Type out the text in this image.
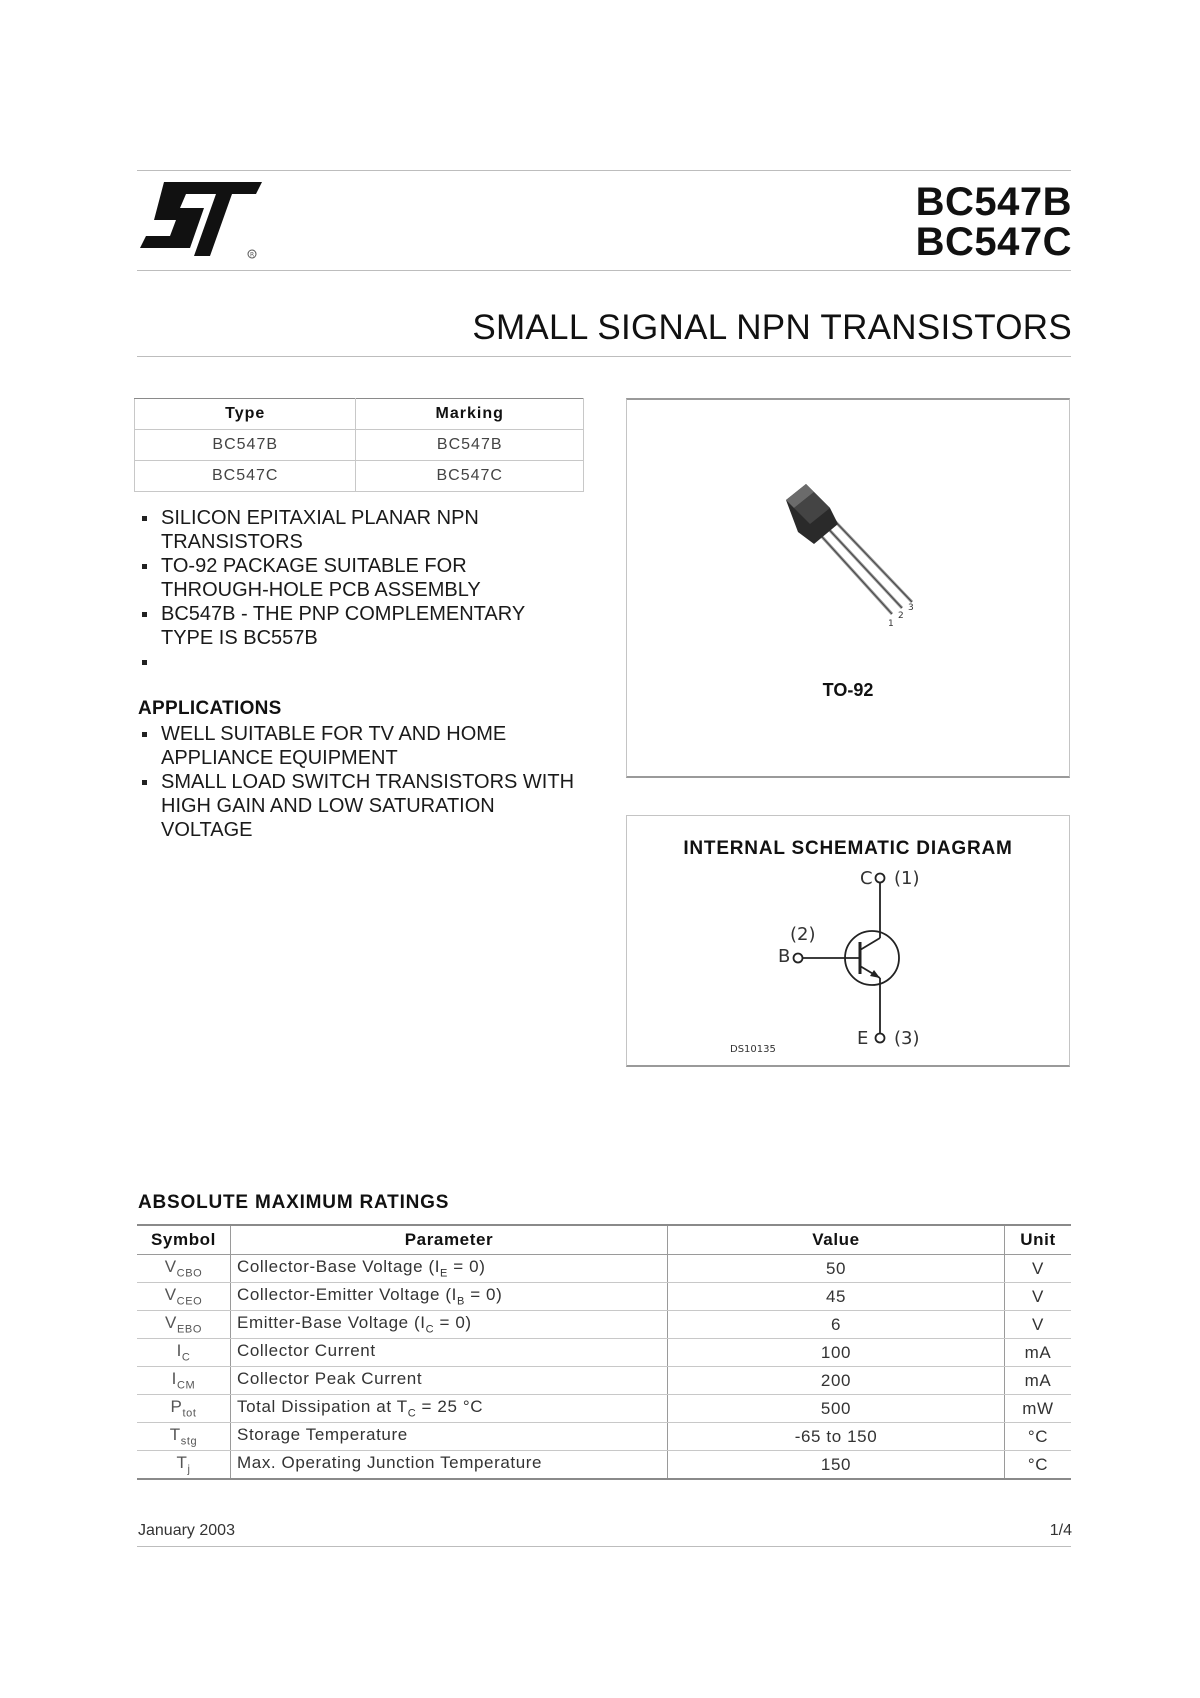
R
BC547B
BC547C
SMALL SIGNAL NPN TRANSISTORS
Type	Marking
BC547B	BC547B
BC547C	BC547C
SILICON EPITAXIAL PLANAR NPN TRANSISTORS
TO-92 PACKAGE SUITABLE FOR THROUGH-HOLE PCB ASSEMBLY
BC547B - THE PNP COMPLEMENTARY TYPE IS BC557B
APPLICATIONS
WELL SUITABLE FOR TV AND HOME APPLIANCE EQUIPMENT
SMALL LOAD SWITCH TRANSISTORS WITH HIGH GAIN AND LOW SATURATION VOLTAGE
1
2
3
TO-92
INTERNAL SCHEMATIC DIAGRAM
C (1)
(2)
B
E (3)
DS10135
ABSOLUTE MAXIMUM RATINGS
Symbol	Parameter	Value	Unit
$V_{CBO}$	Collector-Base Voltage $(I_E = 0)$	50	V
$V_{CEO}$	Collector-Emitter Voltage $(I_B = 0)$	45	V
$V_{EBO}$	Emitter-Base Voltage $(I_C = 0)$	6	V
$I_C$	Collector Current	100	mA
$I_{CM}$	Collector Peak Current	200	mA
$P_{tot}$	Total Dissipation at $T_C = 25$ °C	500	mW
$T_{stg}$	Storage Temperature	-65 to 150	°C
$T_j$	Max. Operating Junction Temperature	150	°C
January 2003	1/4
